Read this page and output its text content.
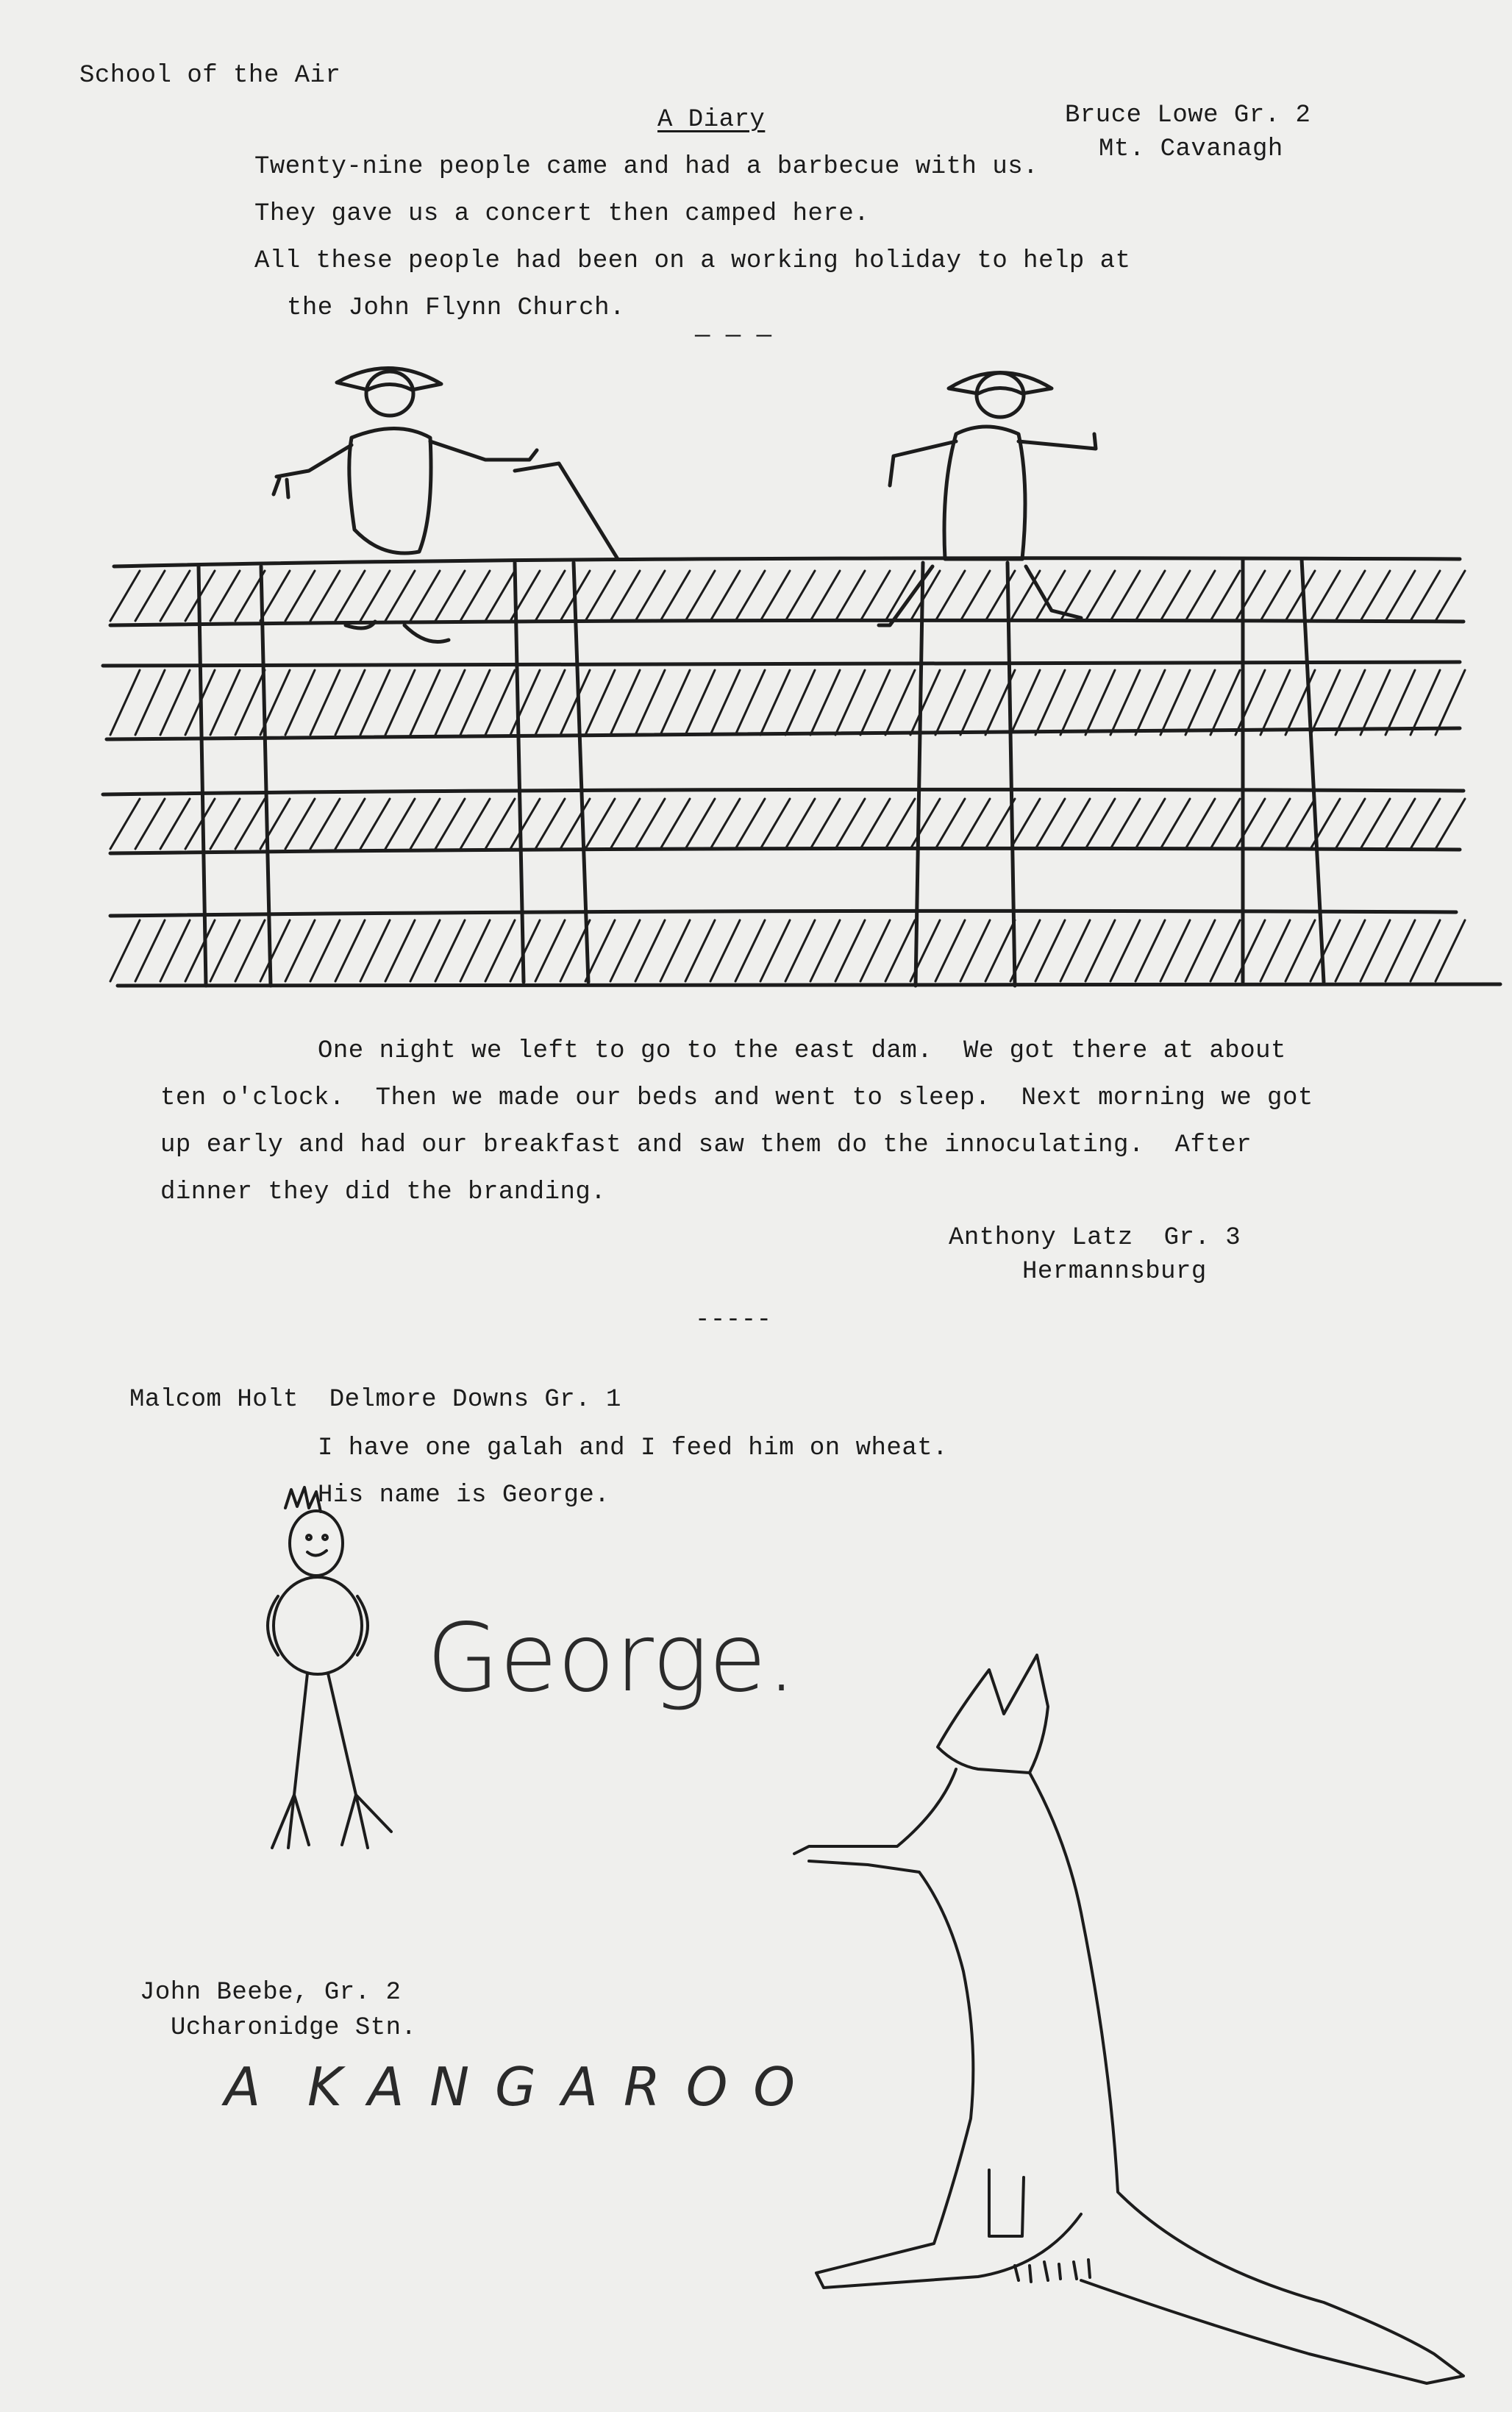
School of the Air
A Diary	Bruce Lowe Gr. 2
Mt. Cavanagh
Twenty-nine people came and had a barbecue with us.
They gave us a concert then camped here.
All these people had been on a working holiday to help at
the John Flynn Church.
— — —
One night we left to go to the east dam.  We got there at about
ten o'clock.  Then we made our beds and went to sleep.  Next morning we got
up early and had our breakfast and saw them do the innoculating.  After
dinner they did the branding.
Anthony Latz  Gr. 3
Hermannsburg
-----
Malcom Holt  Delmore Downs Gr. 1
I have one galah and I feed him on wheat.
His name is George.
George.
John Beebe, Gr. 2
Ucharonidge Stn.
A  K A N G A R O O
